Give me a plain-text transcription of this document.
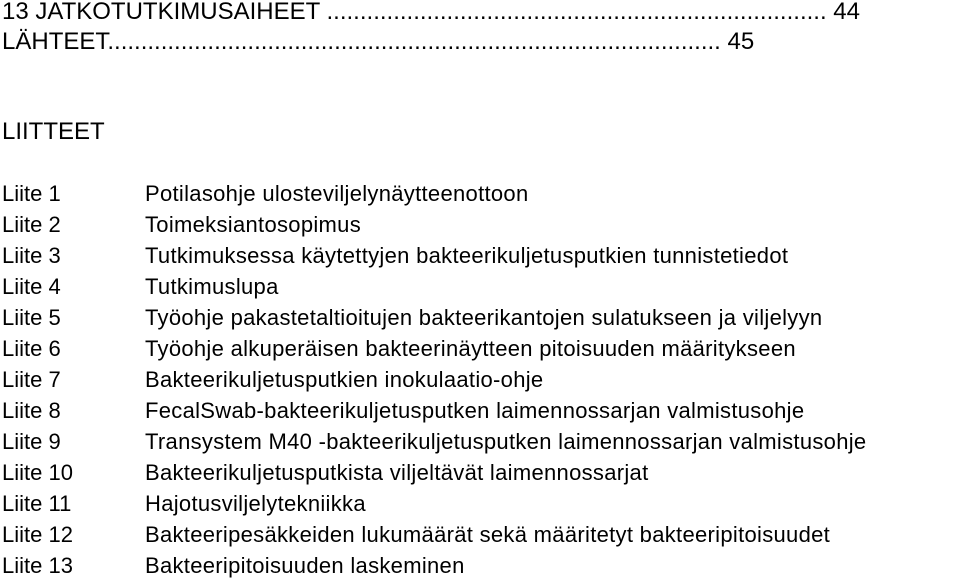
13 JATKOTUTKIMUSAIHEET ........................................................................... 44
LÄHTEET............................................................................................ 45
LIITTEET
Liite 1	Potilasohje ulosteviljelynäytteenottoon
Liite 2	Toimeksiantosopimus
Liite 3	Tutkimuksessa käytettyjen bakteerikuljetusputkien tunnistetiedot
Liite 4	Tutkimuslupa
Liite 5	Työohje pakastetaltioitujen bakteerikantojen sulatukseen ja viljelyyn
Liite 6	Työohje alkuperäisen bakteerinäytteen pitoisuuden määritykseen
Liite 7	Bakteerikuljetusputkien inokulaatio-ohje
Liite 8	FecalSwab-bakteerikuljetusputken laimennossarjan valmistusohje
Liite 9	Transystem M40 -bakteerikuljetusputken laimennossarjan valmistusohje
Liite 10	Bakteerikuljetusputkista viljeltävät laimennossarjat
Liite 11	Hajotusviljelytekniikka
Liite 12	Bakteeripesäkkeiden lukumäärät sekä määritetyt bakteeripitoisuudet
Liite 13	Bakteeripitoisuuden laskeminen
